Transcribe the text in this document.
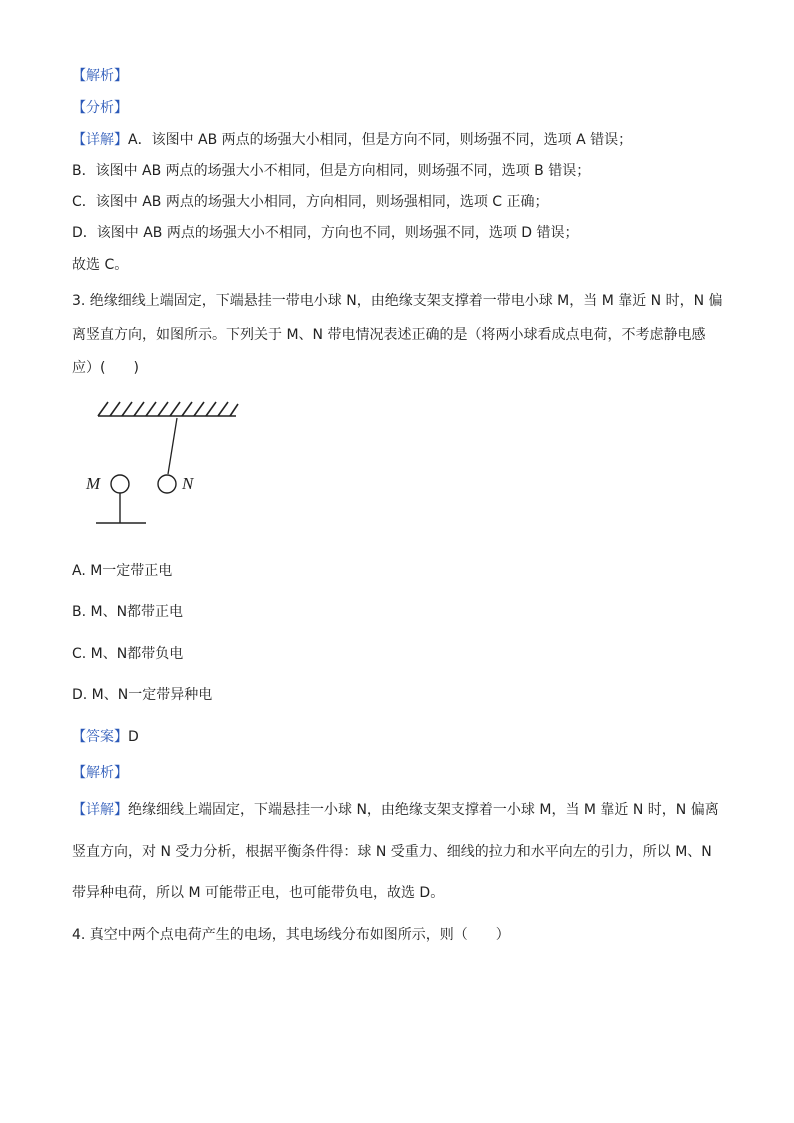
【解析】
【分析】
【详解】A．该图中 AB 两点的场强大小相同，但是方向不同，则场强不同，选项 A 错误；
B．该图中 AB 两点的场强大小不相同，但是方向相同，则场强不同，选项 B 错误；
C．该图中 AB 两点的场强大小相同，方向相同，则场强相同，选项 C 正确；
D．该图中 AB 两点的场强大小不相同，方向也不同，则场强不同，选项 D 错误；
故选 C。
3. 绝缘细线上端固定，下端悬挂一带电小球 N，由绝缘支架支撑着一带电小球 M，当 M 靠近 N 时，N 偏
离竖直方向，如图所示。下列关于 M、N 带电情况表述正确的是（将两小球看成点电荷，不考虑静电感
应）(　　)
M	N
A. M一定带正电
B. M、N都带正电
C. M、N都带负电
D. M、N一定带异种电
【答案】D
【解析】
【详解】绝缘细线上端固定，下端悬挂一小球 N，由绝缘支架支撑着一小球 M，当 M 靠近 N 时，N 偏离
竖直方向，对 N 受力分析，根据平衡条件得：球 N 受重力、细线的拉力和水平向左的引力，所以 M、N
带异种电荷，所以 M 可能带正电，也可能带负电，故选 D。
4. 真空中两个点电荷产生的电场，其电场线分布如图所示，则（　　）
